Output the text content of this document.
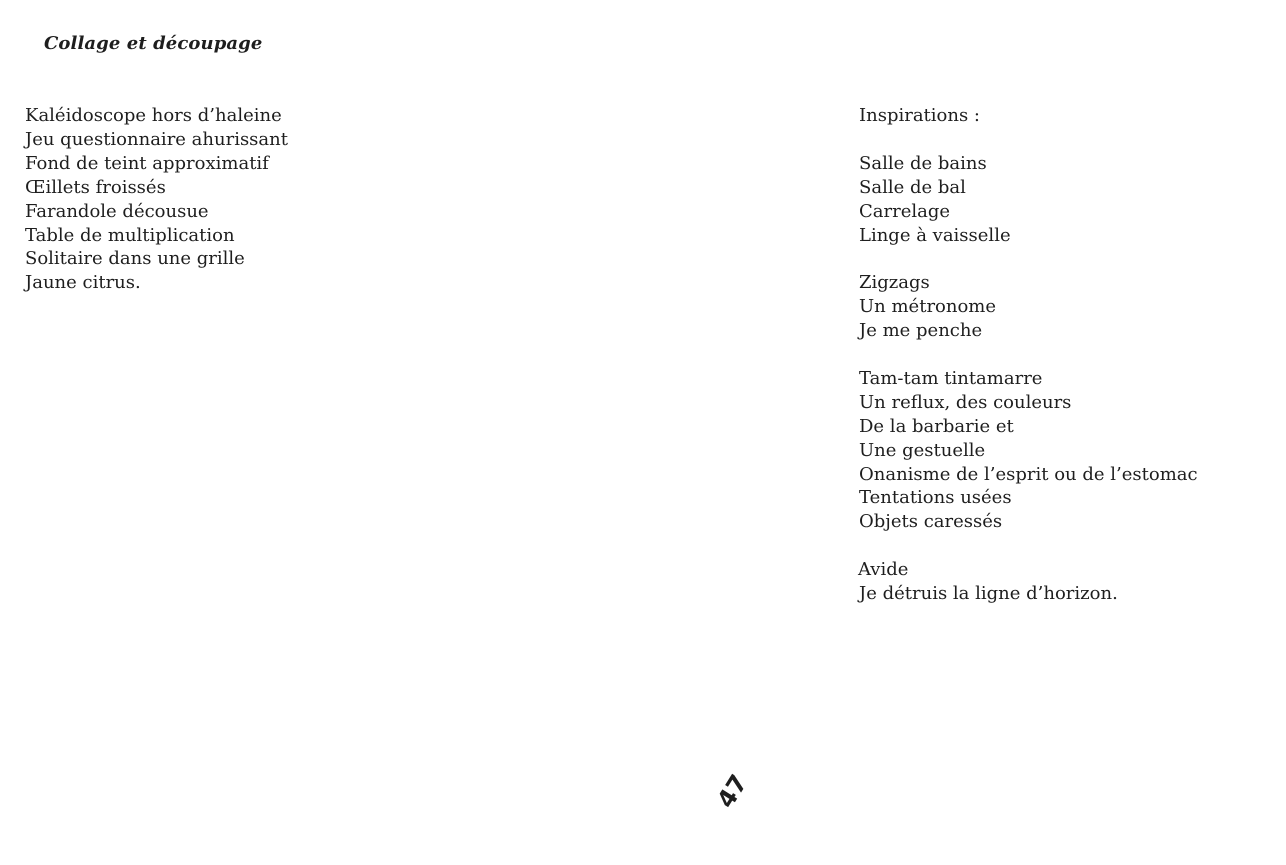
Collage et découpage
Kaléidoscope hors d’haleine
Jeu questionnaire ahurissant
Fond de teint approximatif
Œillets froissés
Farandole décousue
Table de multiplication
Solitaire dans une grille
Jaune citrus.
Inspirations :
Salle de bains
Salle de bal
Carrelage
Linge à vaisselle
Zigzags
Un métronome
Je me penche
Tam-tam tintamarre
Un reflux, des couleurs
De la barbarie et
Une gestuelle
Onanisme de l’esprit ou de l’estomac
Tentations usées
Objets caressés
Avide
Je détruis la ligne d’horizon.
47
